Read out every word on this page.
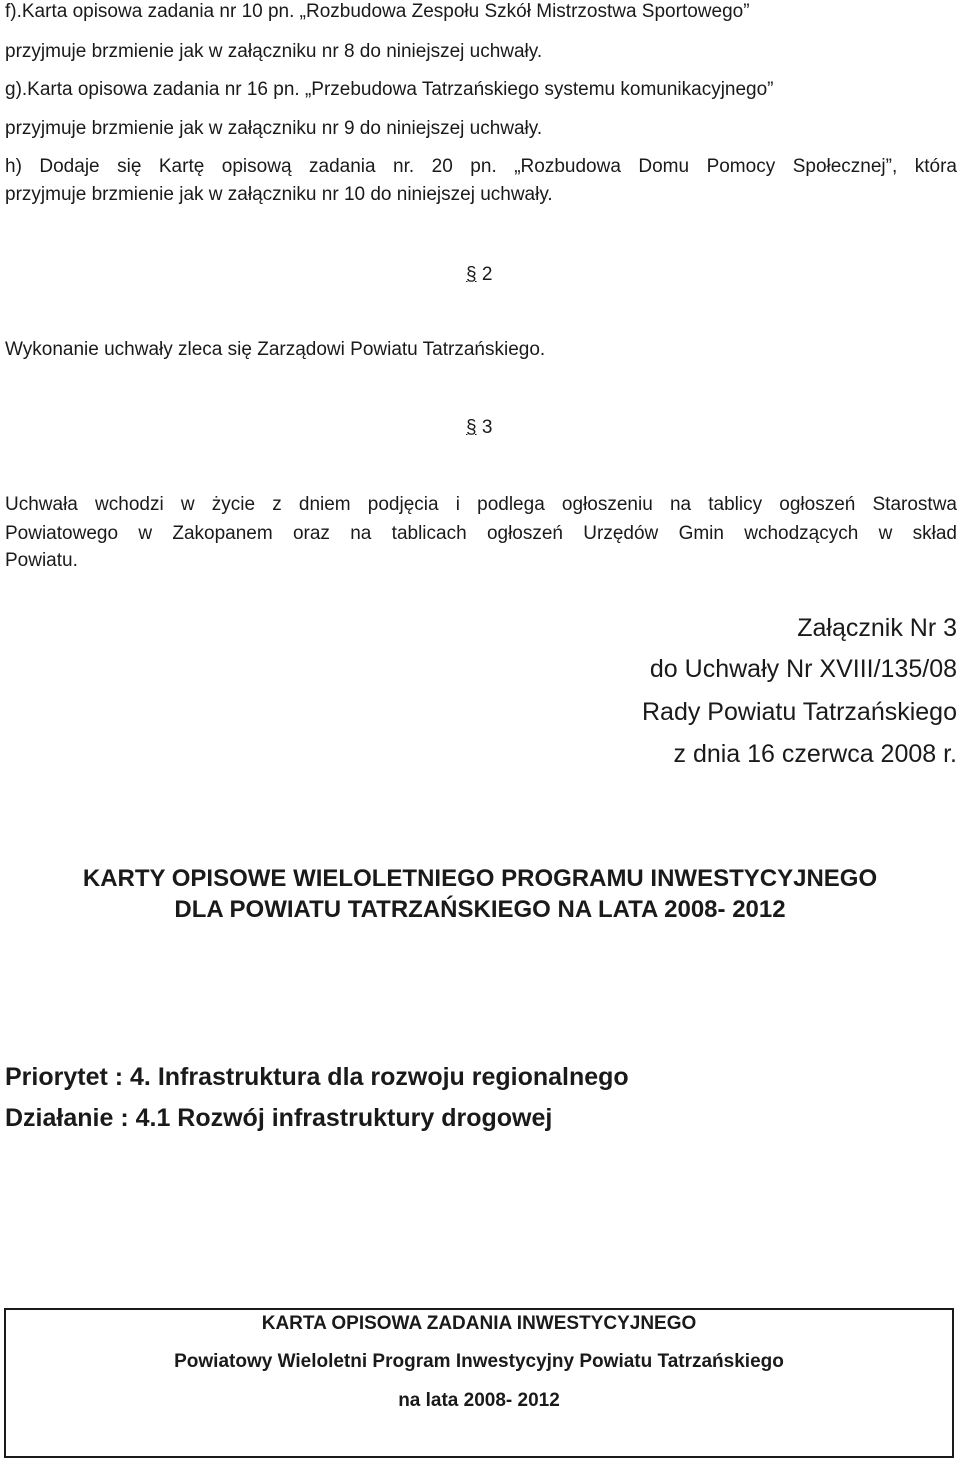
f).Karta opisowa zadania nr 10 pn. „Rozbudowa Zespołu Szkół Mistrzostwa Sportowego”
przyjmuje brzmienie jak w załączniku nr 8 do niniejszej uchwały.
g).Karta opisowa zadania nr 16 pn. „Przebudowa Tatrzańskiego systemu komunikacyjnego”
przyjmuje brzmienie jak w załączniku nr 9 do niniejszej uchwały.
h) Dodaje się Kartę opisową zadania nr. 20 pn. „Rozbudowa Domu Pomocy Społecznej”, która
przyjmuje brzmienie jak w załączniku nr 10 do niniejszej uchwały.
§ 2
Wykonanie uchwały zleca się Zarządowi Powiatu Tatrzańskiego.
§ 3
Uchwała wchodzi w życie z dniem podjęcia i podlega ogłoszeniu na tablicy ogłoszeń Starostwa
Powiatowego w Zakopanem oraz na tablicach ogłoszeń Urzędów Gmin wchodzących w skład
Powiatu.
Załącznik Nr 3
do Uchwały Nr XVIII/135/08
Rady Powiatu Tatrzańskiego
z dnia 16 czerwca 2008 r.
KARTY OPISOWE WIELOLETNIEGO PROGRAMU INWESTYCYJNEGO
DLA POWIATU TATRZAŃSKIEGO NA LATA 2008- 2012
Priorytet : 4. Infrastruktura dla rozwoju regionalnego
Działanie : 4.1 Rozwój infrastruktury drogowej
KARTA OPISOWA ZADANIA INWESTYCYJNEGO
Powiatowy Wieloletni Program Inwestycyjny Powiatu Tatrzańskiego
na lata 2008- 2012
